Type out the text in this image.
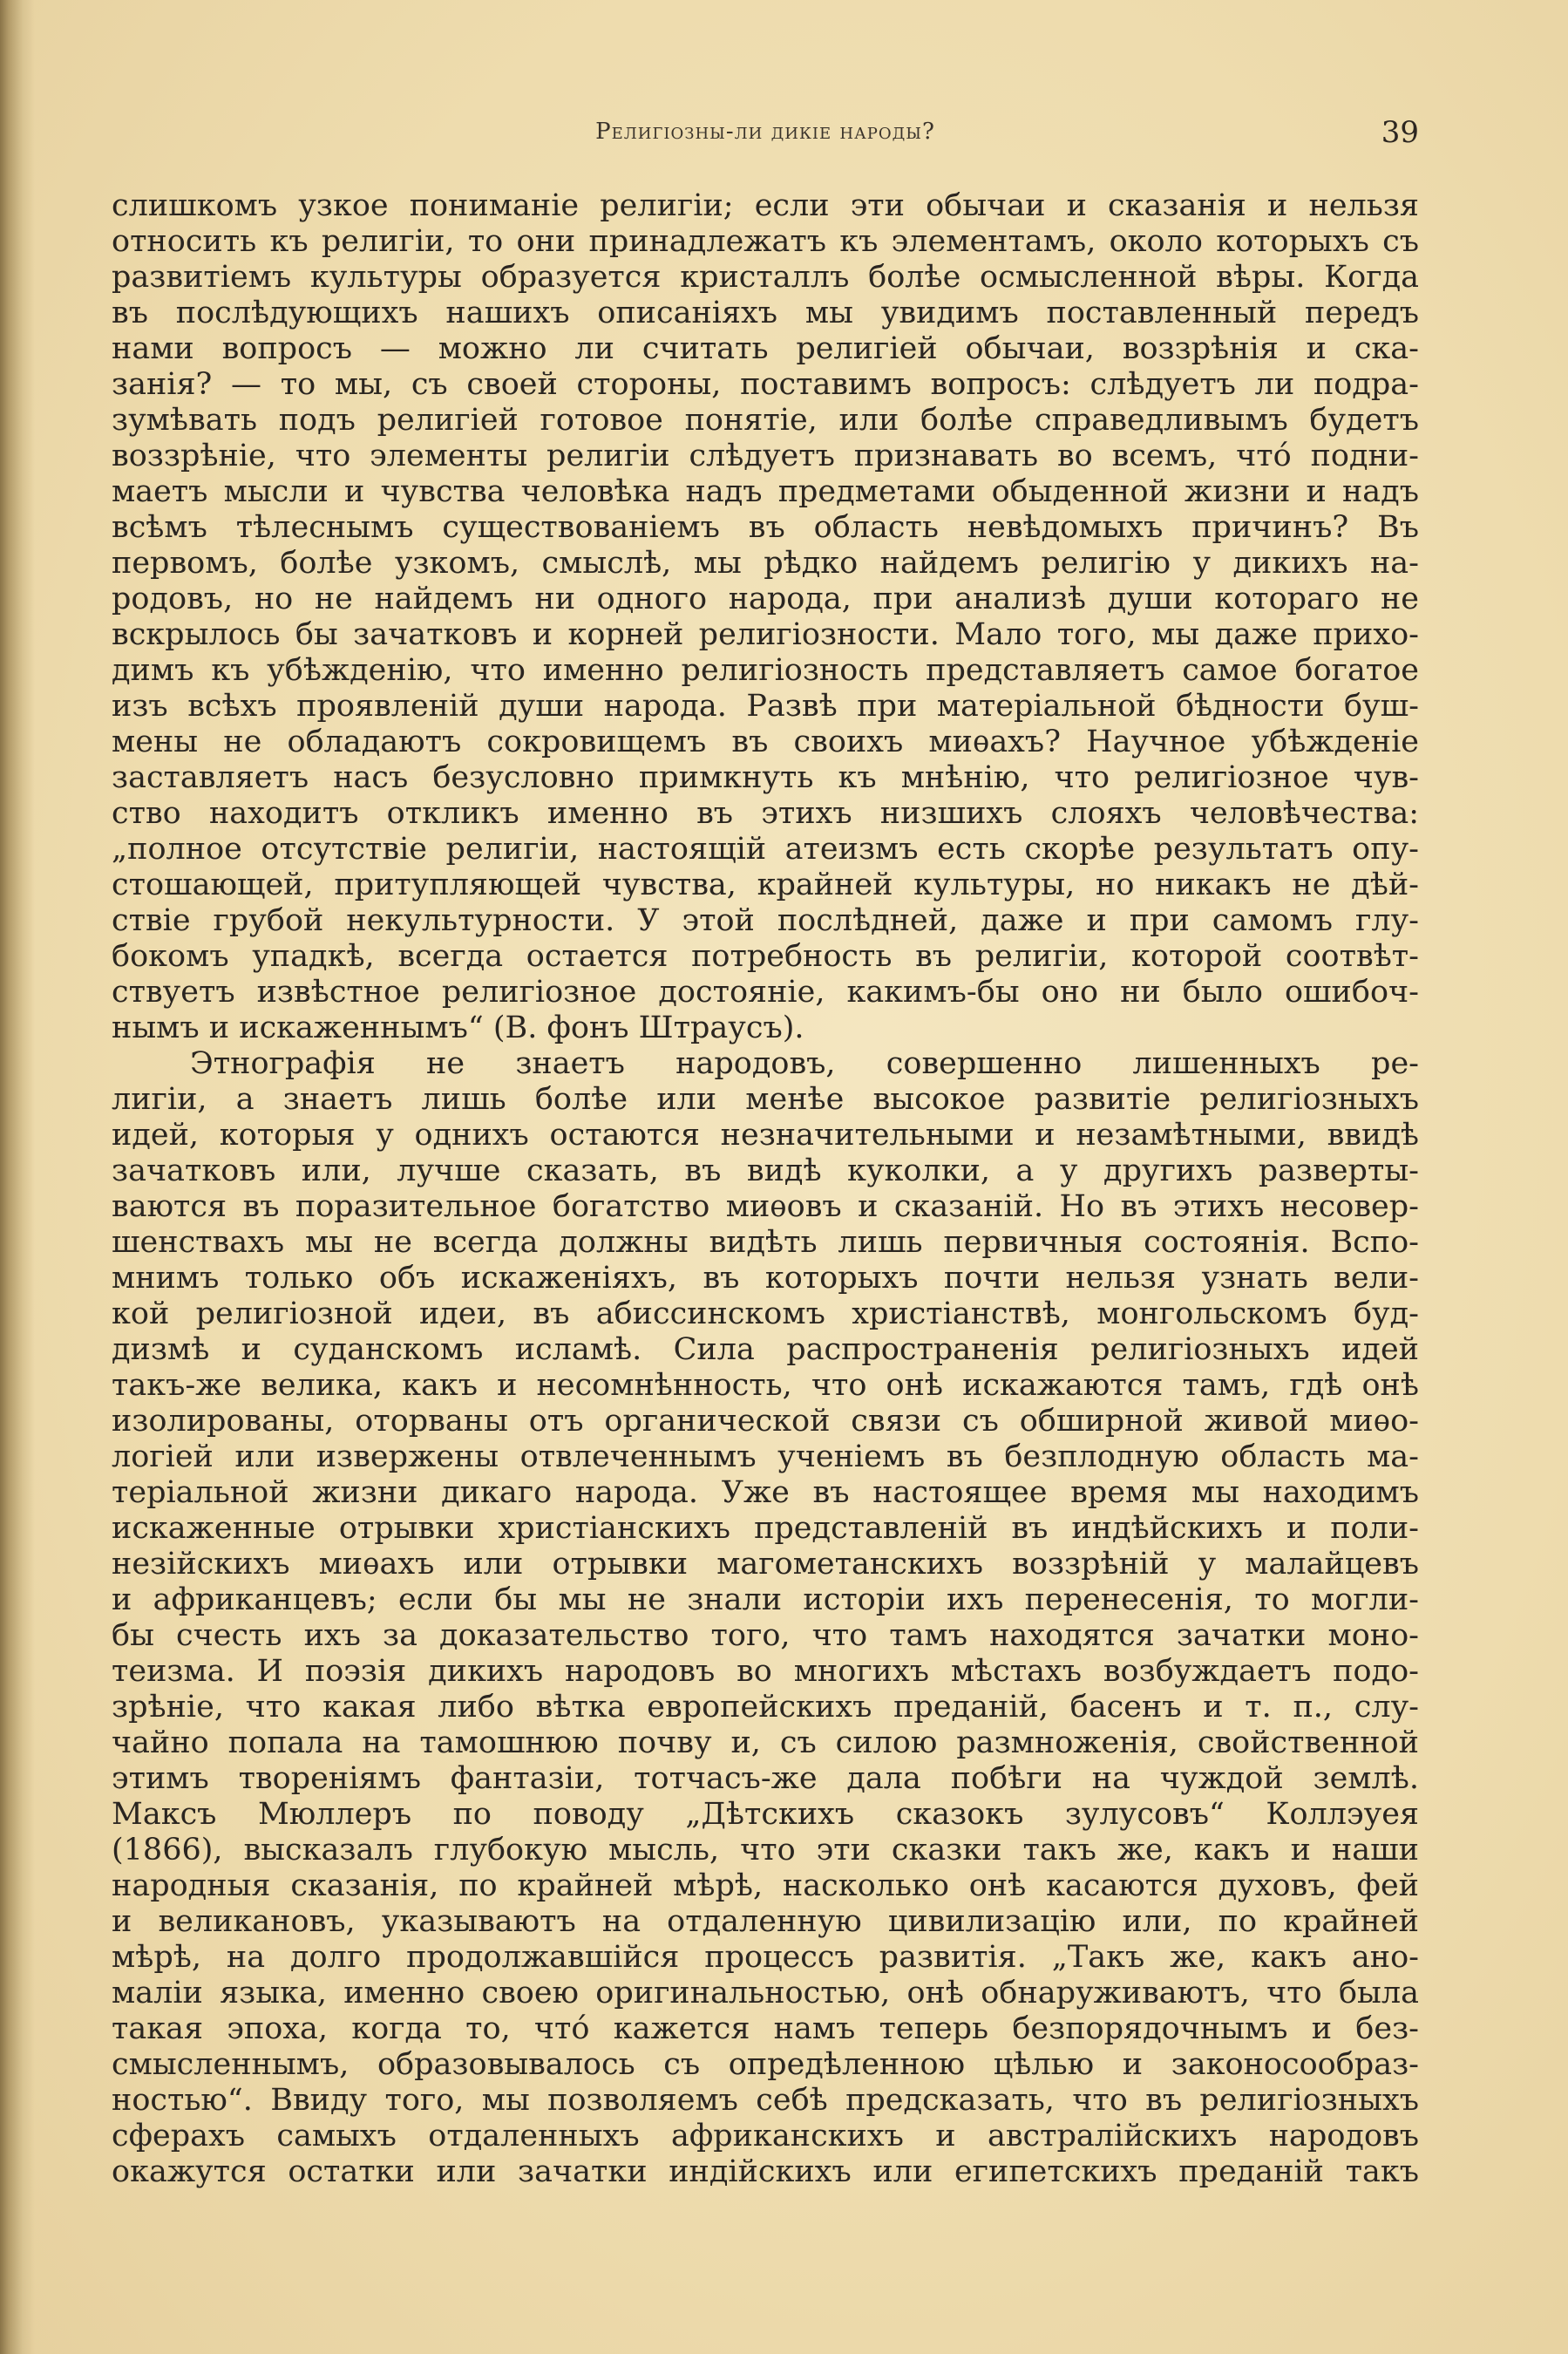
Религіозны-ли дикіе народы?	39
слишкомъ узкое пониманіе религіи; если эти обычаи и сказанія и нельзя
относить къ религіи, то они принадлежатъ къ элементамъ, около которыхъ съ
развитіемъ культуры образуется кристаллъ болѣе осмысленной вѣры. Когда
въ послѣдующихъ нашихъ описаніяхъ мы увидимъ поставленный передъ
нами вопросъ — можно ли считать религіей обычаи, воззрѣнія и ска-
занія? — то мы, съ своей стороны, поставимъ вопросъ: слѣдуетъ ли подра-
зумѣвать подъ религіей готовое понятіе, или болѣе справедливымъ будетъ
воззрѣніе, что элементы религіи слѣдуетъ признавать во всемъ, чтó подни-
маетъ мысли и чувства человѣка надъ предметами обыденной жизни и надъ
всѣмъ тѣлеснымъ существованіемъ въ область невѣдомыхъ причинъ? Въ
первомъ, болѣе узкомъ, смыслѣ, мы рѣдко найдемъ религію у дикихъ на-
родовъ, но не найдемъ ни одного народа, при анализѣ души котораго не
вскрылось бы зачатковъ и корней религіозности. Мало того, мы даже прихо-
димъ къ убѣжденію, что именно религіозность представляетъ самое богатое
изъ всѣхъ проявленій души народа. Развѣ при матеріальной бѣдности буш-
мены не обладаютъ сокровищемъ въ своихъ миѳахъ? Научное убѣжденіе
заставляетъ насъ безусловно примкнуть къ мнѣнію, что религіозное чув-
ство находитъ откликъ именно въ этихъ низшихъ слояхъ человѣчества:
„полное отсутствіе религіи, настоящій атеизмъ есть скорѣе результатъ опу-
стошающей, притупляющей чувства, крайней культуры, но никакъ не дѣй-
ствіе грубой некультурности. У этой послѣдней, даже и при самомъ глу-
бокомъ упадкѣ, всегда остается потребность въ религіи, которой соотвѣт-
ствуетъ извѣстное религіозное достояніе, какимъ-бы оно ни было ошибоч-
нымъ и искаженнымъ“ (В. фонъ Штраусъ).
Этнографія не знаетъ народовъ, совершенно лишенныхъ ре-
лигіи, а знаетъ лишь болѣе или менѣе высокое развитіе религіозныхъ
идей, которыя у однихъ остаются незначительными и незамѣтными, ввидѣ
зачатковъ или, лучше сказать, въ видѣ куколки, а у другихъ разверты-
ваются въ поразительное богатство миѳовъ и сказаній. Но въ этихъ несовер-
шенствахъ мы не всегда должны видѣть лишь первичныя состоянія. Вспо-
мнимъ только объ искаженіяхъ, въ которыхъ почти нельзя узнать вели-
кой религіозной идеи, въ абиссинскомъ христіанствѣ, монгольскомъ буд-
дизмѣ и суданскомъ исламѣ. Сила распространенія религіозныхъ идей
такъ-же велика, какъ и несомнѣнность, что онѣ искажаются тамъ, гдѣ онѣ
изолированы, оторваны отъ органической связи съ обширной живой миѳо-
логіей или извержены отвлеченнымъ ученіемъ въ безплодную область ма-
теріальной жизни дикаго народа. Уже въ настоящее время мы находимъ
искаженные отрывки христіанскихъ представленій въ индѣйскихъ и поли-
незійскихъ миѳахъ или отрывки магометанскихъ воззрѣній у малайцевъ
и африканцевъ; если бы мы не знали исторіи ихъ перенесенія, то могли-
бы счесть ихъ за доказательство того, что тамъ находятся зачатки моно-
теизма. И поэзія дикихъ народовъ во многихъ мѣстахъ возбуждаетъ подо-
зрѣніе, что какая либо вѣтка европейскихъ преданій, басенъ и т. п., слу-
чайно попала на тамошнюю почву и, съ силою размноженія, свойственной
этимъ твореніямъ фантазіи, тотчасъ-же дала побѣги на чуждой землѣ.
Максъ Мюллеръ по поводу „Дѣтскихъ сказокъ зулусовъ“ Коллэуея
(1866), высказалъ глубокую мысль, что эти сказки такъ же, какъ и наши
народныя сказанія, по крайней мѣрѣ, насколько онѣ касаются духовъ, фей
и великановъ, указываютъ на отдаленную цивилизацію или, по крайней
мѣрѣ, на долго продолжавшійся процессъ развитія. „Такъ же, какъ ано-
маліи языка, именно своею оригинальностью, онѣ обнаруживаютъ, что была
такая эпоха, когда то, чтó кажется намъ теперь безпорядочнымъ и без-
смысленнымъ, образовывалось съ опредѣленною цѣлью и законосообраз-
ностью“. Ввиду того, мы позволяемъ себѣ предсказать, что въ религіозныхъ
сферахъ самыхъ отдаленныхъ африканскихъ и австралійскихъ народовъ
окажутся остатки или зачатки индійскихъ или египетскихъ преданій такъ
